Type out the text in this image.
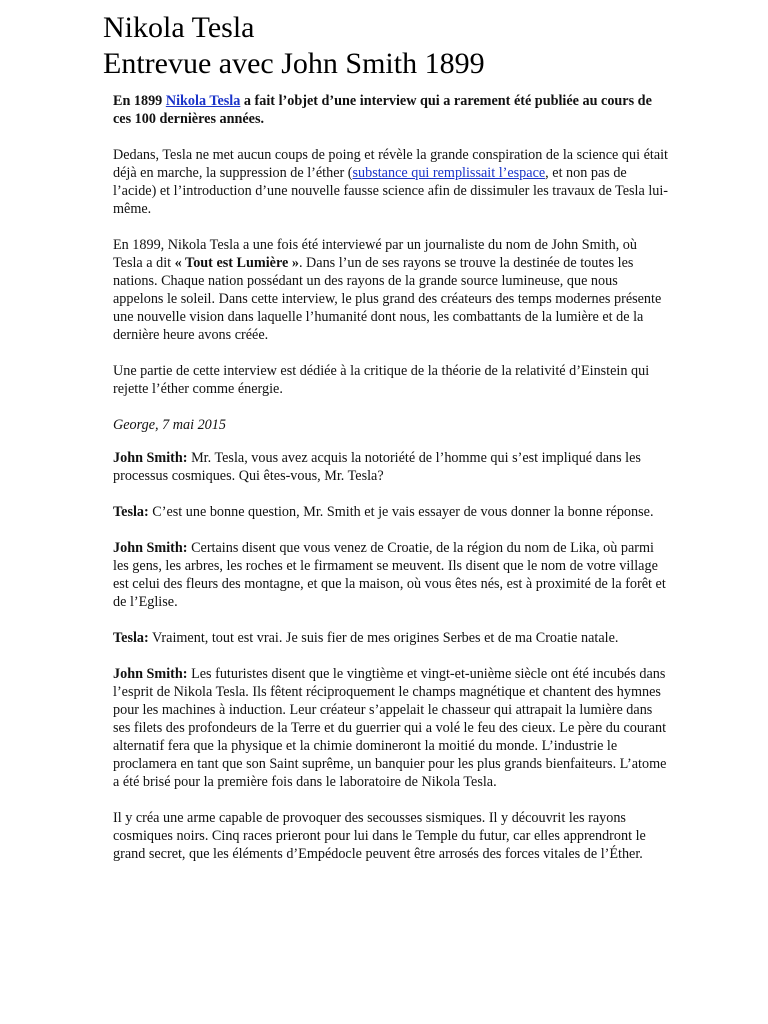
Nikola Tesla
Entrevue avec John Smith 1899

En 1899 Nikola Tesla a fait l’objet d’une interview qui a rarement été publiée au cours de ces 100 dernières années.

Dedans, Tesla ne met aucun coups de poing et révèle la grande conspiration de la science qui était déjà en marche, la suppression de l’éther (substance qui remplissait l’espace, et non pas de l’acide) et l’introduction d’une nouvelle fausse science afin de dissimuler les travaux de Tesla lui-même.

En 1899, Nikola Tesla a une fois été interviewé par un journaliste du nom de John Smith, où Tesla a dit « Tout est Lumière ». Dans l’un de ses rayons se trouve la destinée de toutes les nations. Chaque nation possédant un des rayons de la grande source lumineuse, que nous appelons le soleil. Dans cette interview, le plus grand des créateurs des temps modernes présente une nouvelle vision dans laquelle l’humanité dont nous, les combattants de la lumière et de la dernière heure avons créée.

Une partie de cette interview est dédiée à la critique de la théorie de la relativité d’Einstein qui rejette l’éther comme énergie.

George, 7 mai 2015

John Smith: Mr. Tesla, vous avez acquis la notoriété de l’homme qui s’est impliqué dans les processus cosmiques. Qui êtes-vous, Mr. Tesla?

Tesla: C’est une bonne question, Mr. Smith et je vais essayer de vous donner la bonne réponse.

John Smith: Certains disent que vous venez de Croatie, de la région du nom de Lika, où parmi les gens, les arbres, les roches et le firmament se meuvent. Ils disent que le nom de votre village est celui des fleurs des montagne, et que la maison, où vous êtes nés, est à proximité de la forêt et de l’Eglise.

Tesla: Vraiment, tout est vrai. Je suis fier de mes origines Serbes et de ma Croatie natale.

John Smith: Les futuristes disent que le vingtième et vingt-et-unième siècle ont été incubés dans l’esprit de Nikola Tesla. Ils fêtent réciproquement le champs magnétique et chantent des hymnes pour les machines à induction. Leur créateur s’appelait le chasseur qui attrapait la lumière dans ses filets des profondeurs de la Terre et du guerrier qui a volé le feu des cieux. Le père du courant alternatif fera que la physique et la chimie domineront la moitié du monde. L’industrie le proclamera en tant que son Saint suprême, un banquier pour les plus grands bienfaiteurs. L’atome a été brisé pour la première fois dans le laboratoire de Nikola Tesla.

Il y créa une arme capable de provoquer des secousses sismiques. Il y découvrit les rayons cosmiques noirs. Cinq races prieront pour lui dans le Temple du futur, car elles apprendront le grand secret, que les éléments d’Empédocle peuvent être arrosés des forces vitales de l’Éther.
